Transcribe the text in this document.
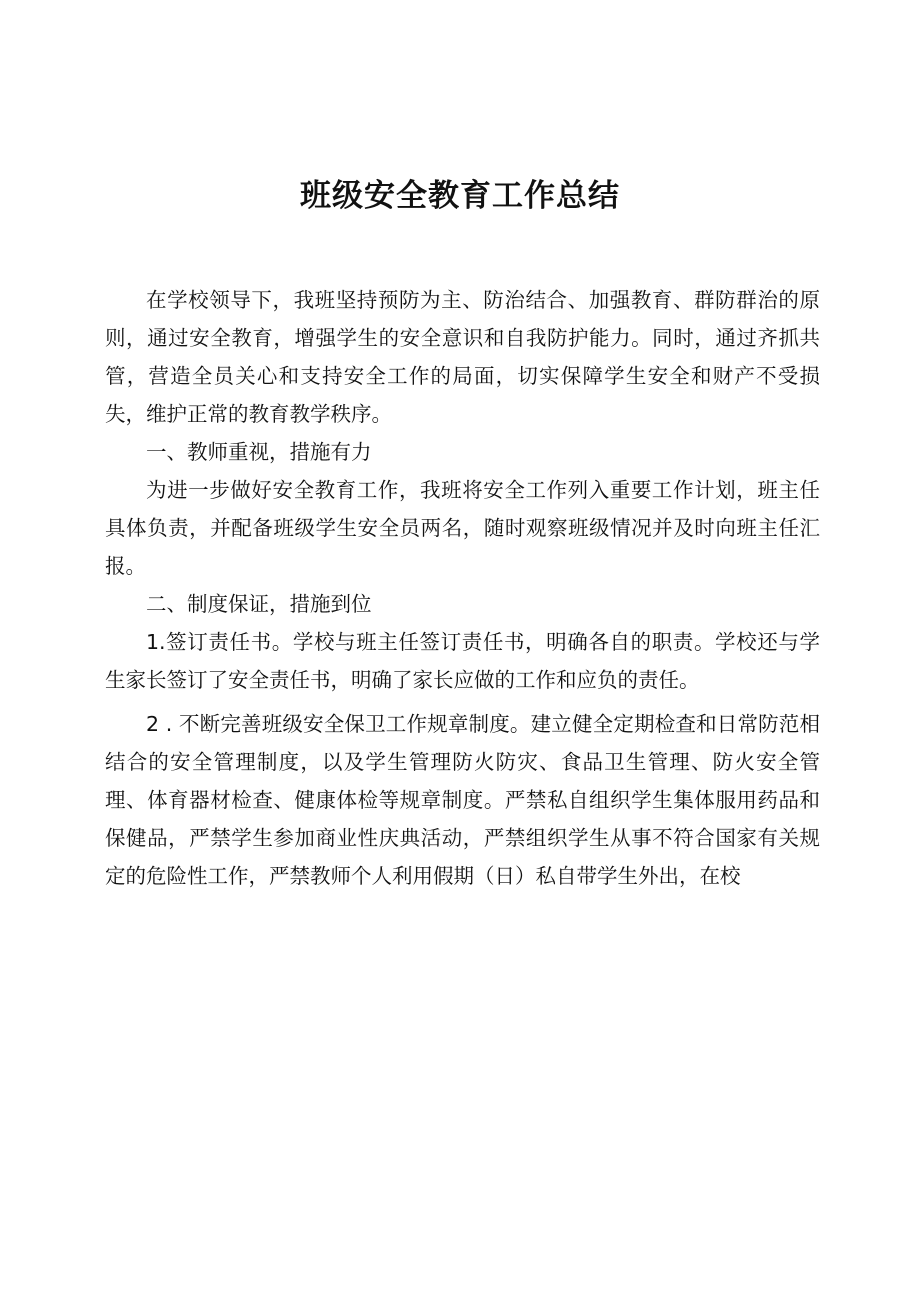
班级安全教育工作总结

在学校领导下，我班坚持预防为主、防治结合、加强教育、群防群治的原则，通过安全教育，增强学生的安全意识和自我防护能力。同时，通过齐抓共管，营造全员关心和支持安全工作的局面，切实保障学生安全和财产不受损失，维护正常的教育教学秩序。

一、教师重视，措施有力

为进一步做好安全教育工作，我班将安全工作列入重要工作计划，班主任具体负责，并配备班级学生安全员两名，随时观察班级情况并及时向班主任汇报。

二、制度保证，措施到位

1.签订责任书。学校与班主任签订责任书，明确各自的职责。学校还与学生家长签订了安全责任书，明确了家长应做的工作和应负的责任。

2 . 不断完善班级安全保卫工作规章制度。建立健全定期检查和日常防范相结合的安全管理制度，以及学生管理防火防灾、食品卫生管理、防火安全管理、体育器材检查、健康体检等规章制度。严禁私自组织学生集体服用药品和保健品，严禁学生参加商业性庆典活动，严禁组织学生从事不符合国家有关规定的危险性工作，严禁教师个人利用假期（日）私自带学生外出，在校
